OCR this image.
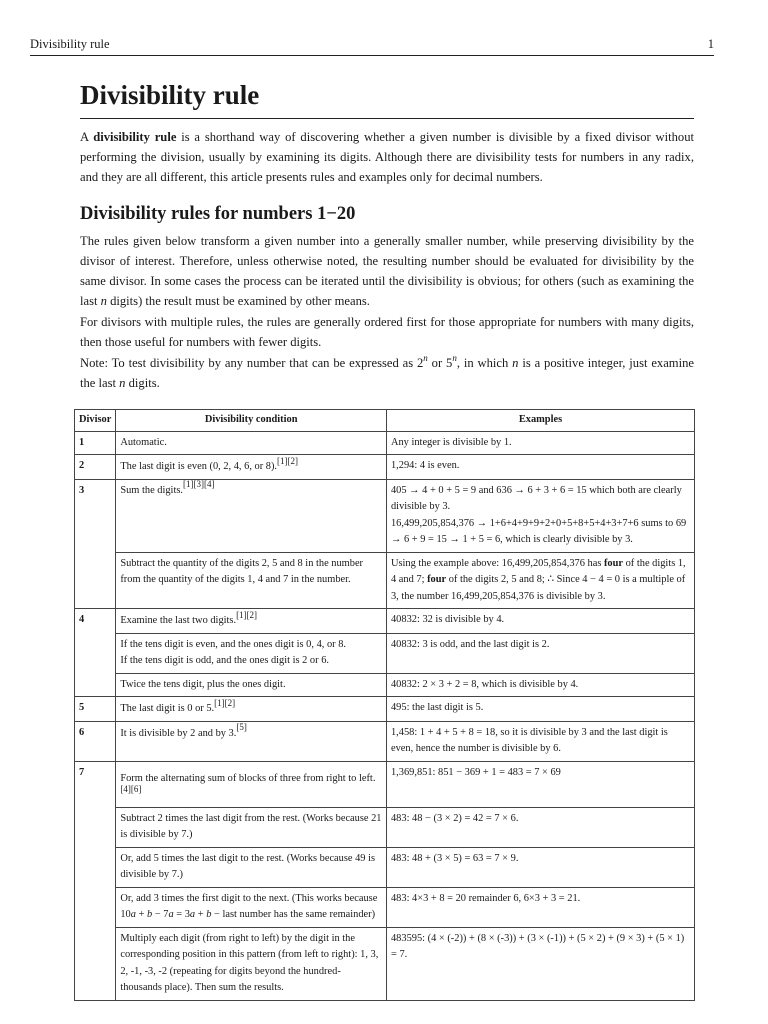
Divisibility rule	1
Divisibility rule

A divisibility rule is a shorthand way of discovering whether a given number is divisible by a fixed divisor without performing the division, usually by examining its digits. Although there are divisibility tests for numbers in any radix, and they are all different, this article presents rules and examples only for decimal numbers.

Divisibility rules for numbers 1−20

The rules given below transform a given number into a generally smaller number, while preserving divisibility by the divisor of interest. Therefore, unless otherwise noted, the resulting number should be evaluated for divisibility by the same divisor. In some cases the process can be iterated until the divisibility is obvious; for others (such as examining the last n digits) the result must be examined by other means.

For divisors with multiple rules, the rules are generally ordered first for those appropriate for numbers with many digits, then those useful for numbers with fewer digits.

Note: To test divisibility by any number that can be expressed as 2$^n$ or 5$^n$, in which n is a positive integer, just examine the last n digits.

Divisor	Divisibility condition	Examples
1	Automatic.	Any integer is divisible by 1.
2	The last digit is even (0, 2, 4, 6, or 8).[1][2]	1,294: 4 is even.
3	Sum the digits.[1][3][4]	405 → 4 + 0 + 5 = 9 and 636 → 6 + 3 + 6 = 15 which both are clearly divisible by 3.
16,499,205,854,376 → 1+6+4+9+9+2+0+5+8+5+4+3+7+6 sums to 69 → 6 + 9 = 15 → 1 + 5 = 6, which is clearly divisible by 3.

	Subtract the quantity of the digits 2, 5 and 8 in the number from the quantity of the digits 1, 4 and 7 in the number.	Using the example above: 16,499,205,854,376 has four of the digits 1, 4 and 7; four of the digits 2, 5 and 8; ∴ Since 4 − 4 = 0 is a multiple of 3, the number 16,499,205,854,376 is divisible by 3.
4	Examine the last two digits.[1][2]	40832: 32 is divisible by 4.

	If the tens digit is even, and the ones digit is 0, 4, or 8.
If the tens digit is odd, and the ones digit is 2 or 6.	40832: 3 is odd, and the last digit is 2.
	Twice the tens digit, plus the ones digit.	40832: 2 × 3 + 2 = 8, which is divisible by 4.
5	The last digit is 0 or 5.[1][2]	495: the last digit is 5.
6	It is divisible by 2 and by 3.[5]	1,458: 1 + 4 + 5 + 8 = 18, so it is divisible by 3 and the last digit is even, hence the number is divisible by 6.
7	Form the alternating sum of blocks of three from right to left.[4][6]	1,369,851: 851 − 369 + 1 = 483 = 7 × 69
	Subtract 2 times the last digit from the rest. (Works because 21 is divisible by 7.)	483: 48 − (3 × 2) = 42 = 7 × 6.
	Or, add 5 times the last digit to the rest. (Works because 49 is divisible by 7.)	483: 48 + (3 × 5) = 63 = 7 × 9.
	Or, add 3 times the first digit to the next. (This works because 10a + b − 7a = 3a + b − last number has the same remainder)	483: 4×3 + 8 = 20 remainder 6, 6×3 + 3 = 21.
	Multiply each digit (from right to left) by the digit in the corresponding position in this pattern (from left to right): 1, 3, 2, -1, -3, -2 (repeating for digits beyond the hundred-thousands place). Then sum the results.	483595: (4 × (-2)) + (8 × (-3)) + (3 × (-1)) + (5 × 2) + (9 × 3) + (5 × 1) = 7.
